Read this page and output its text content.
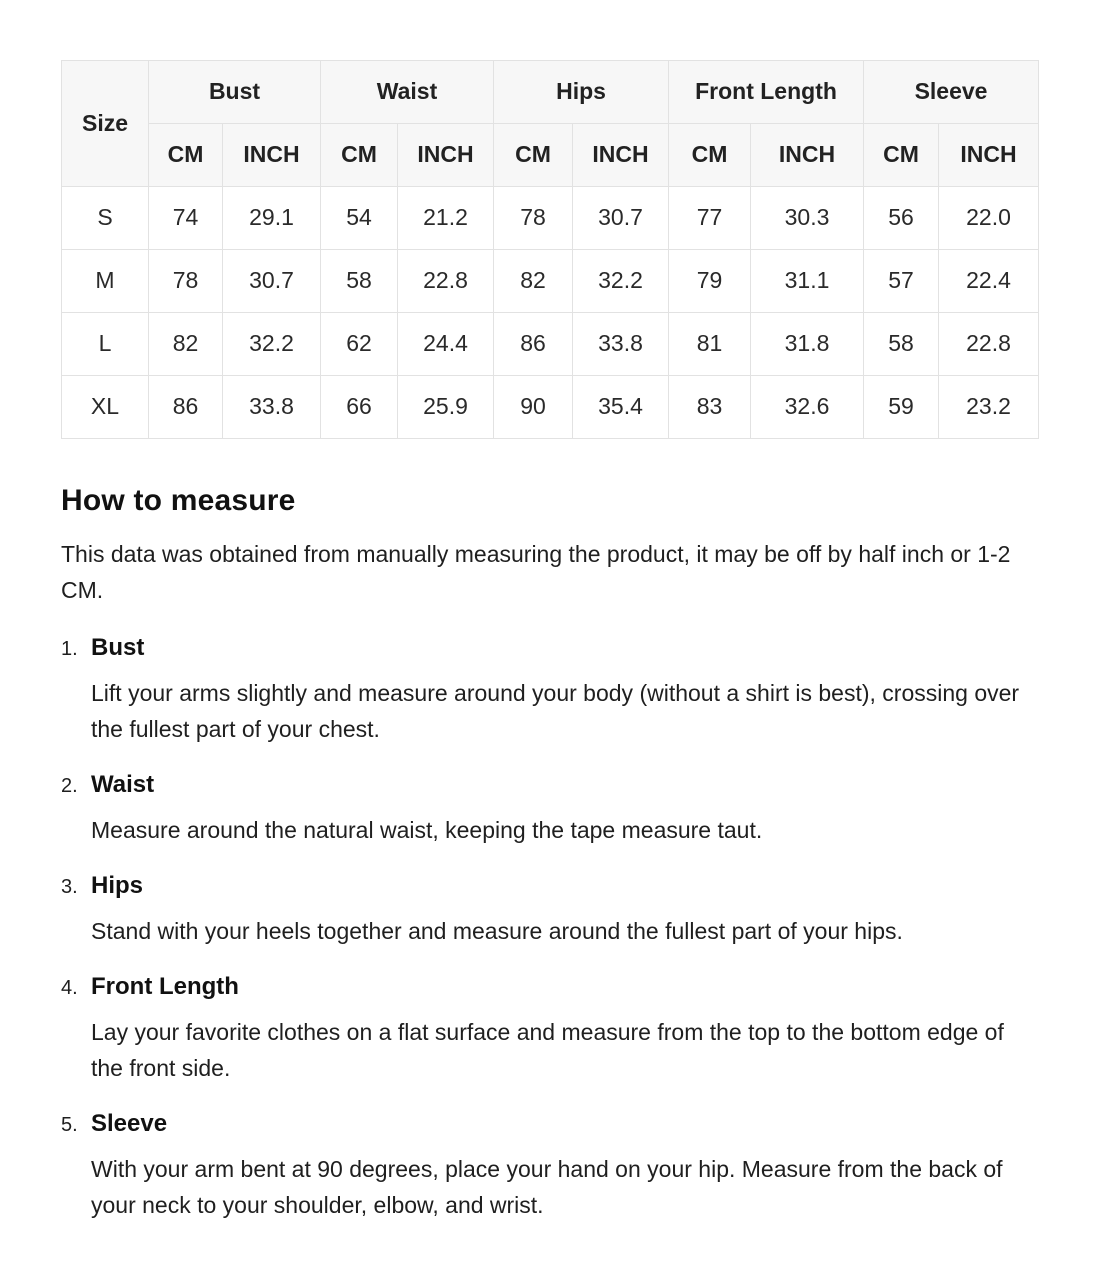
Size	Bust		Waist		Hips		Front Length		Sleeve	
	CM	INCH	CM	INCH	CM	INCH	CM	INCH	CM	INCH
S	74	29.1	54	21.2	78	30.7	77	30.3	56	22.0
M	78	30.7	58	22.8	82	32.2	79	31.1	57	22.4
L	82	32.2	62	24.4	86	33.8	81	31.8	58	22.8
XL	86	33.8	66	25.9	90	35.4	83	32.6	59	23.2
How to measure

This data was obtained from manually measuring the product, it may be off by half inch or 1-2 CM.

1. Bust

Lift your arms slightly and measure around your body (without a shirt is best), crossing over the fullest part of your chest.

2. Waist

Measure around the natural waist, keeping the tape measure taut.

3. Hips

Stand with your heels together and measure around the fullest part of your hips.

4. Front Length

Lay your favorite clothes on a flat surface and measure from the top to the bottom edge of the front side.

5. Sleeve

With your arm bent at 90 degrees, place your hand on your hip. Measure from the back of your neck to your shoulder, elbow, and wrist.
